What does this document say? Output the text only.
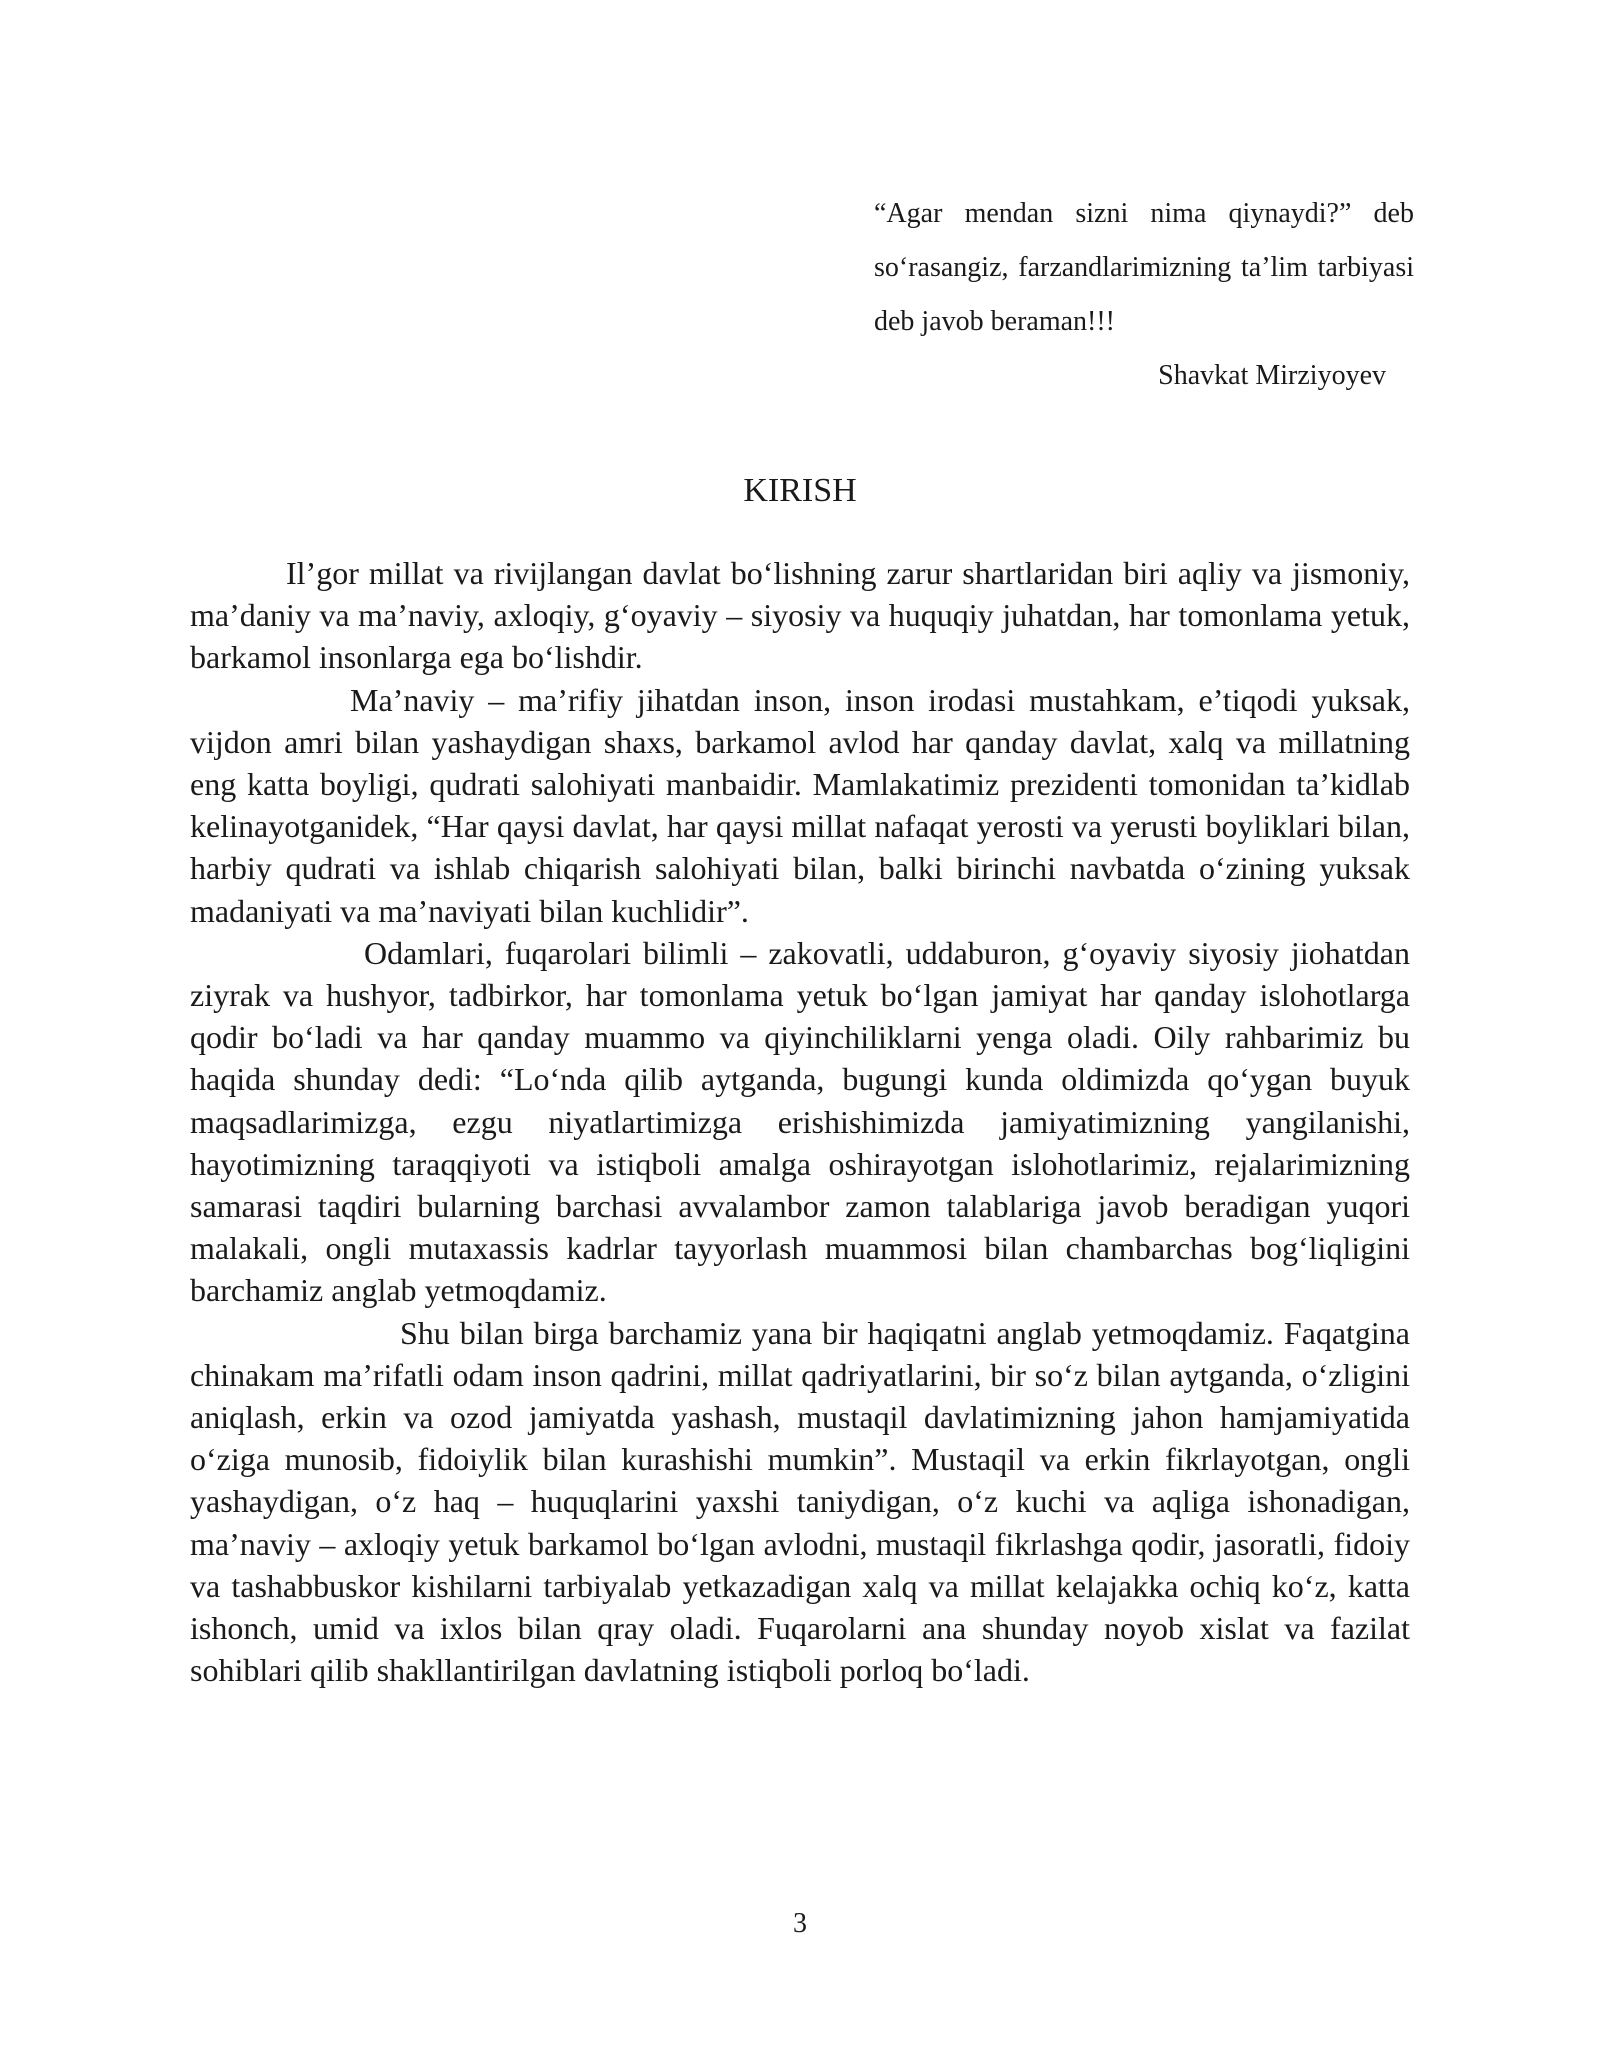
“Agar mendan sizni nima qiynaydi?” deb so‘rasangiz, farzandlarimizning ta’lim tarbiyasi deb javob beraman!!!

Shavkat Mirziyoyev

KIRISH

Il’gor millat va rivijlangan davlat bo‘lishning zarur shartlaridan biri aqliy va jismoniy, ma’daniy va ma’naviy, axloqiy, g‘oyaviy – siyosiy va huquqiy juhatdan, har tomonlama yetuk, barkamol insonlarga ega bo‘lishdir.

Ma’naviy – ma’rifiy jihatdan inson, inson irodasi mustahkam, e’tiqodi yuksak, vijdon amri bilan yashaydigan shaxs, barkamol avlod har qanday davlat, xalq va millatning eng katta boyligi, qudrati salohiyati manbaidir. Mamlakatimiz prezidenti tomonidan ta’kidlab kelinayotganidek, “Har qaysi davlat, har qaysi millat nafaqat yerosti va yerusti boyliklari bilan, harbiy qudrati va ishlab chiqarish salohiyati bilan, balki birinchi navbatda o‘zining yuksak madaniyati va ma’naviyati bilan kuchlidir”.

Odamlari, fuqarolari bilimli – zakovatli, uddaburon, g‘oyaviy siyosiy jiohatdan ziyrak va hushyor, tadbirkor, har tomonlama yetuk bo‘lgan jamiyat har qanday islohotlarga qodir bo‘ladi va har qanday muammo va qiyinchiliklarni yenga oladi. Oily rahbarimiz bu haqida shunday dedi: “Lo‘nda qilib aytganda, bugungi kunda oldimizda qo‘ygan buyuk maqsadlarimizga, ezgu niyatlartimizga erishishimizda jamiyatimizning yangilanishi, hayotimizning taraqqiyoti va istiqboli amalga oshirayotgan islohotlarimiz, rejalarimizning samarasi taqdiri bularning barchasi avvalambor zamon talablariga javob beradigan yuqori malakali, ongli mutaxassis kadrlar tayyorlash muammosi bilan chambarchas bog‘liqligini barchamiz anglab yetmoqdamiz.

Shu bilan birga barchamiz yana bir haqiqatni anglab yetmoqdamiz. Faqatgina chinakam ma’rifatli odam inson qadrini, millat qadriyatlarini, bir so‘z bilan aytganda, o‘zligini aniqlash, erkin va ozod jamiyatda yashash, mustaqil davlatimizning jahon hamjamiyatida o‘ziga munosib, fidoiylik bilan kurashishi mumkin”. Mustaqil va erkin fikrlayotgan, ongli yashaydigan, o‘z haq – huquqlarini yaxshi taniydigan, o‘z kuchi va aqliga ishonadigan, ma’naviy – axloqiy yetuk barkamol bo‘lgan avlodni, mustaqil fikrlashga qodir, jasoratli, fidoiy va tashabbuskor kishilarni tarbiyalab yetkazadigan xalq va millat kelajakka ochiq ko‘z, katta ishonch, umid va ixlos bilan qray oladi. Fuqarolarni ana shunday noyob xislat va fazilat sohiblari qilib shakllantirilgan davlatning istiqboli porloq bo‘ladi.

3
